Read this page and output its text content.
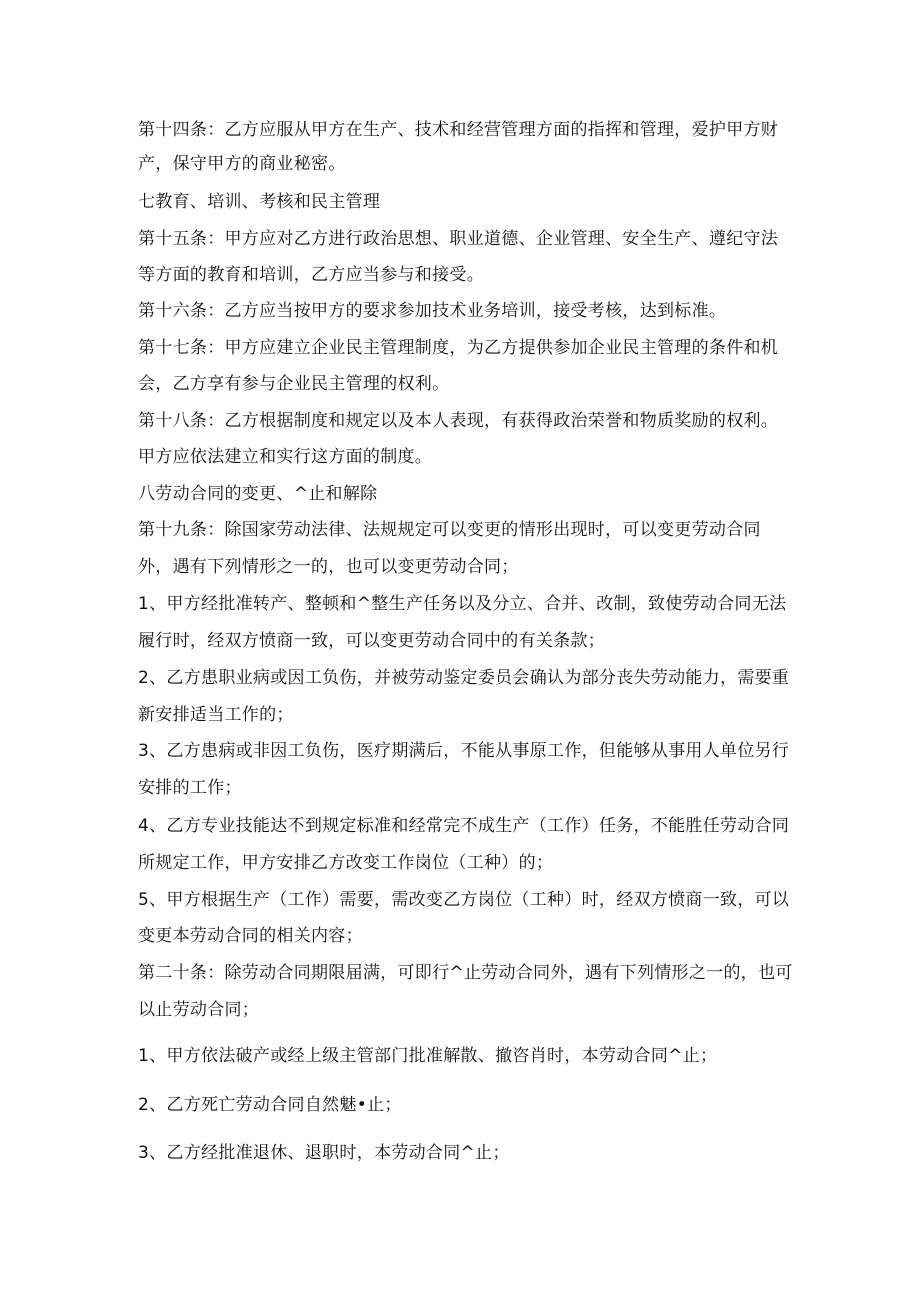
第十四条：乙方应服从甲方在生产、技术和经营管理方面的指挥和管理，爱护甲方财

产，保守甲方的商业秘密。

七教育、培训、考核和民主管理

第十五条：甲方应对乙方进行政治思想、职业道德、企业管理、安全生产、遵纪守法

等方面的教育和培训，乙方应当参与和接受。

第十六条：乙方应当按甲方的要求参加技术业务培训，接受考核，达到标准。

第十七条：甲方应建立企业民主管理制度，为乙方提供参加企业民主管理的条件和机

会，乙方享有参与企业民主管理的权利。

第十八条：乙方根据制度和规定以及本人表现，有获得政治荣誉和物质奖励的权利。

甲方应依法建立和实行这方面的制度。

八劳动合同的变更、^止和解除

第十九条：除国家劳动法律、法规规定可以变更的情形出现时，可以变更劳动合同

外，遇有下列情形之一的，也可以变更劳动合同；

1、甲方经批准转产、整顿和^整生产任务以及分立、合并、改制，致使劳动合同无法

履行时，经双方愤商一致，可以变更劳动合同中的有关条款；

2、乙方患职业病或因工负伤，并被劳动鉴定委员会确认为部分丧失劳动能力，需要重

新安排适当工作的；

3、乙方患病或非因工负伤，医疗期满后，不能从事原工作，但能够从事用人单位另行

安排的工作；

4、乙方专业技能达不到规定标准和经常完不成生产（工作）任务，不能胜任劳动合同

所规定工作，甲方安排乙方改变工作岗位（工种）的；

5、甲方根据生产（工作）需要，需改变乙方岗位（工种）时，经双方愤商一致，可以

变更本劳动合同的相关内容；

第二十条：除劳动合同期限届满，可即行^止劳动合同外，遇有下列情形之一的，也可

以止劳动合同；

1、甲方依法破产或经上级主管部门批准解散、撤咨肖时，本劳动合同^止；

2、乙方死亡劳动合同自然魅•止；

3、乙方经批准退休、退职时，本劳动合同^止；
